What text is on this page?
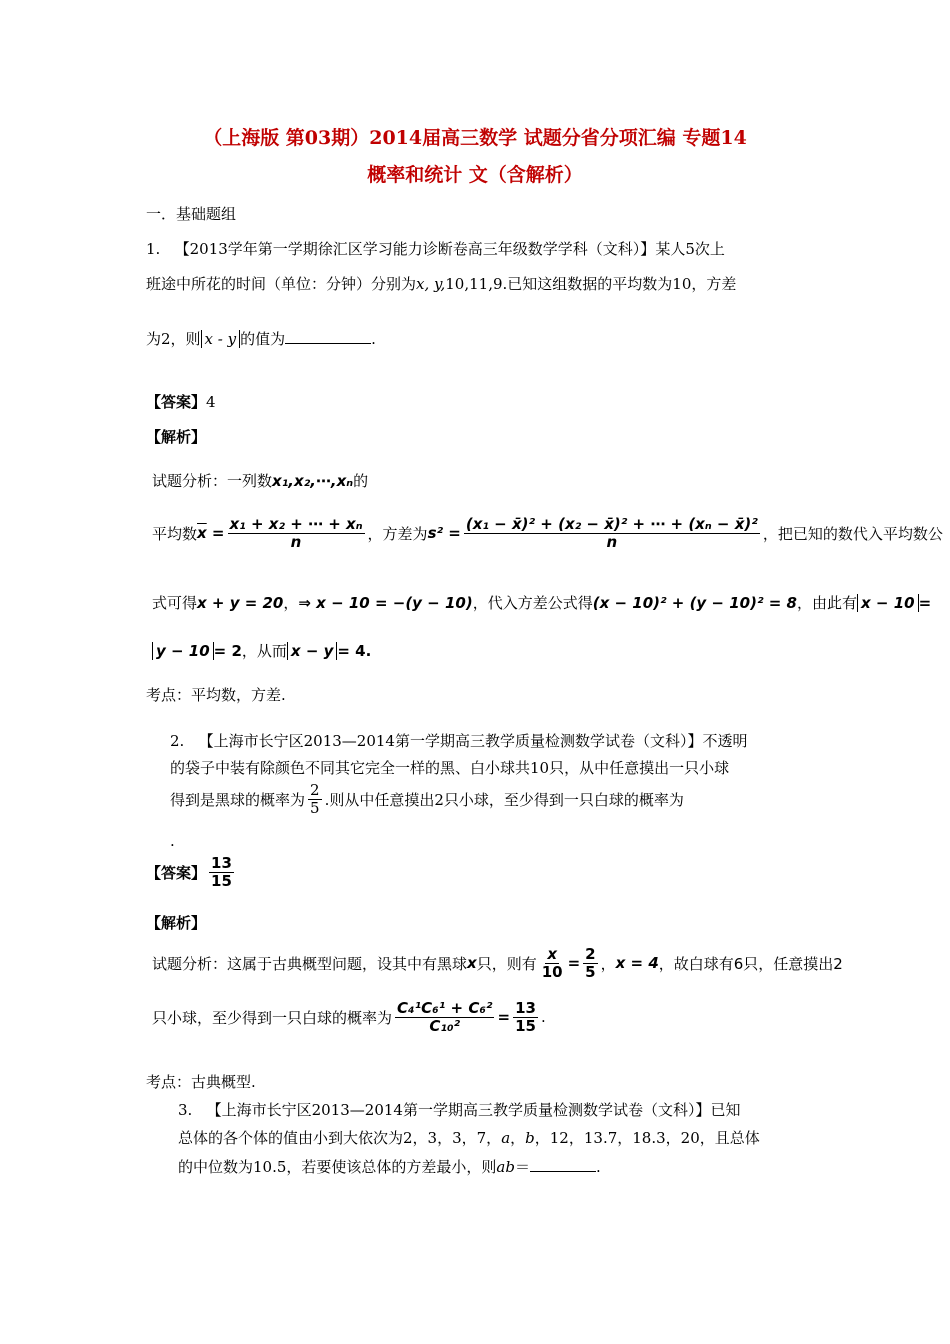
（上海版 第03期）2014届高三数学 试题分省分项汇编 专题14
概率和统计 文（含解析）
一．基础题组
1. 【2013学年第一学期徐汇区学习能力诊断卷高三年级数学学科（文科）】某人5次上
班途中所花的时间（单位：分钟）分别为x, y,10,11,9.已知这组数据的平均数为10，方差
为2，则 x - y 的值为	.
【答案】4
【解析】
试题分析：一列数x₁,x₂,⋯,xₙ的
平均数 $\overline{x} = \frac{\text{x₁ + x₂ + ⋯ + xₙ}}{n}$ ，方差为 $s^2 = \frac{\text{(x₁ − x̄)² + (x₂ − x̄)² + ⋯ + (xₙ − x̄)²}}{n}$ ，把已知的数代入平均数公
式可得x + y = 20，⇒ x − 10 = −(y − 10)，代入方差公式得(x − 10)² + (y − 10)² = 8，由此有 x − 10 =
y − 10 = 2，从而 x − y = 4.
考点：平均数，方差.
2. 【上海市长宁区2013—2014第一学期高三教学质量检测数学试卷（文科）】不透明
的袋子中装有除颜色不同其它完全一样的黑、白小球共10只，从中任意摸出一只小球
得到是黑球的概率为 $\frac{2}{5}$ .则从中任意摸出2只小球，至少得到一只白球的概率为
.
【答案】 $\frac{13}{15}$
【解析】
试题分析：这属于古典概型问题，设其中有黑球 x 只，则有 $\frac{x}{10} = \frac{2}{5}$ ， x = 4 ，故白球有6只，任意摸出2
只小球，至少得到一只白球的概率为 $\frac{\text{C₄¹C₆¹ + C₆²}}{\text{C₁₀²}} = \frac{13}{15}$ .
考点：古典概型.
3. 【上海市长宁区2013—2014第一学期高三教学质量检测数学试卷（文科）】已知
总体的各个体的值由小到大依次为2，3，3，7，a，b，12，13.7，18.3，20，且总体
的中位数为10.5，若要使该总体的方差最小，则ab＝	.
